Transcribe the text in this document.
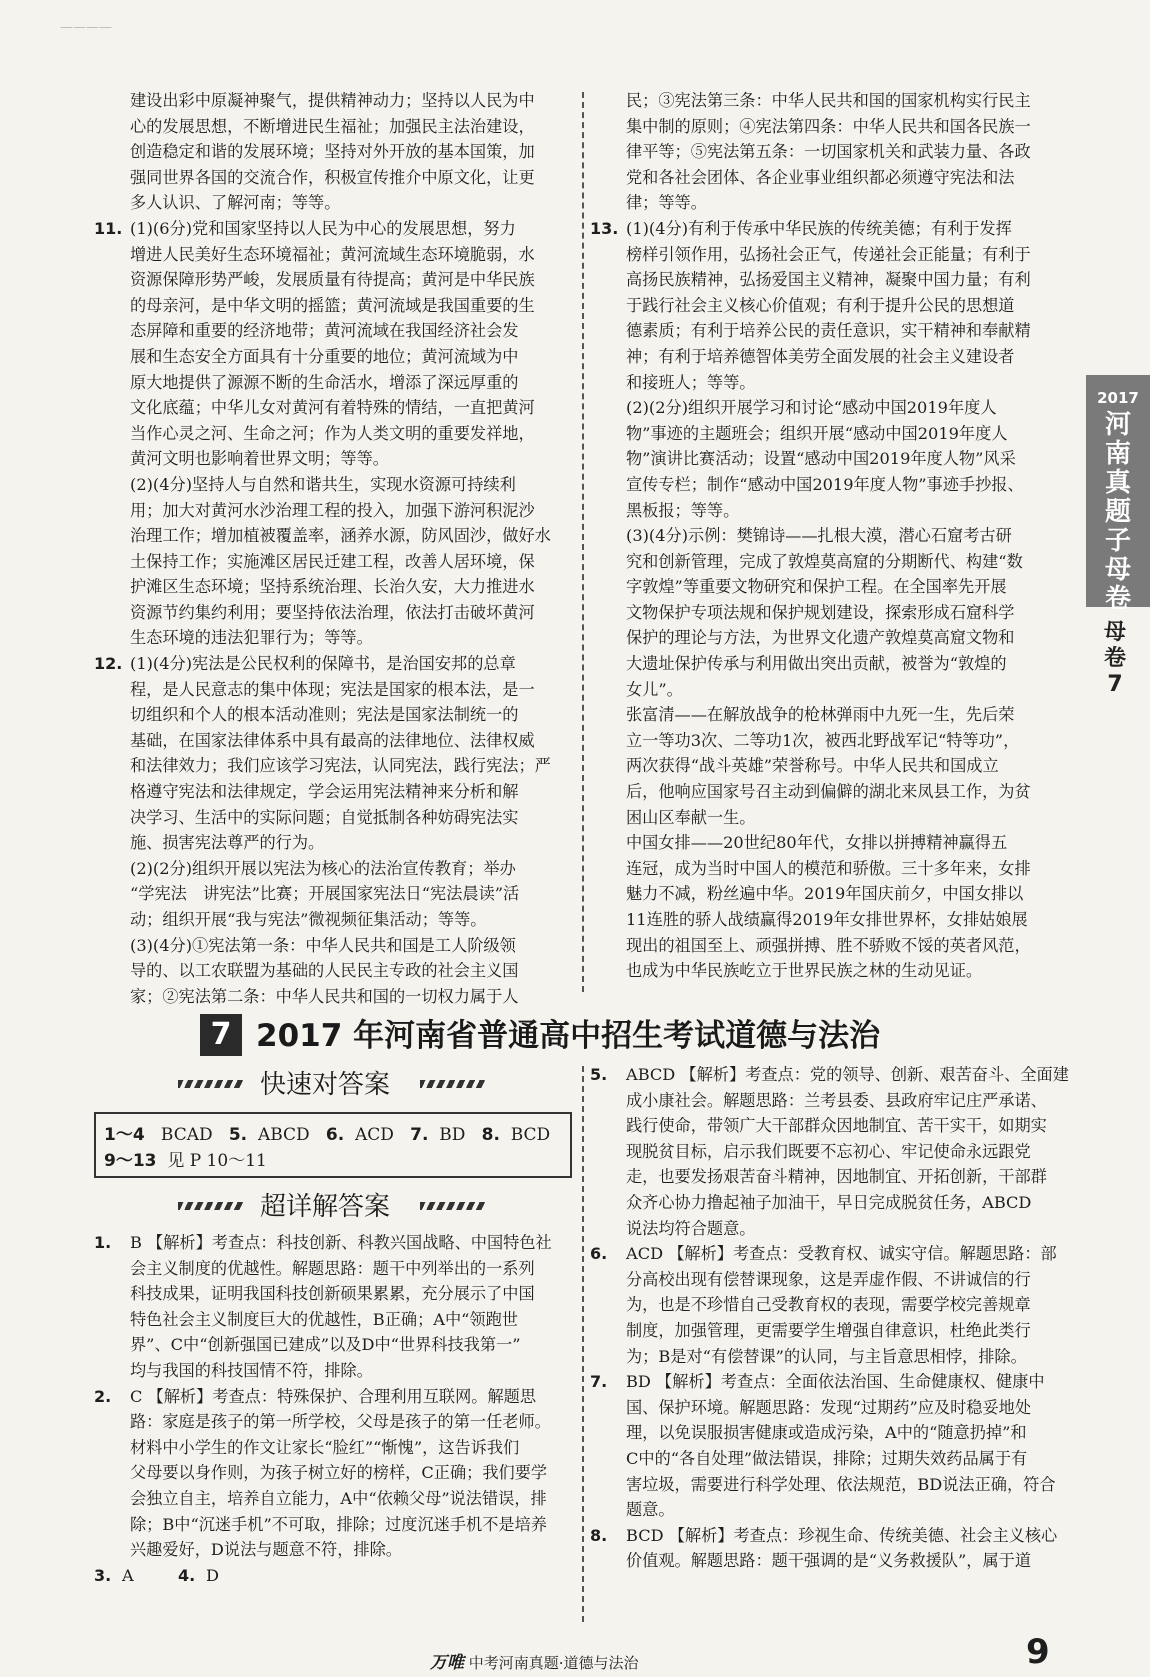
————

建设出彩中原凝神聚气，提供精神动力；坚持以人民为中

心的发展思想，不断增进民生福祉；加强民主法治建设，

创造稳定和谐的发展环境；坚持对外开放的基本国策，加

强同世界各国的交流合作，积极宣传推介中原文化，让更

多人认识、了解河南；等等。

11. (1)(6分)党和国家坚持以人民为中心的发展思想，努力

增进人民美好生态环境福祉；黄河流域生态环境脆弱，水

资源保障形势严峻，发展质量有待提高；黄河是中华民族

的母亲河，是中华文明的摇篮；黄河流域是我国重要的生

态屏障和重要的经济地带；黄河流域在我国经济社会发

展和生态安全方面具有十分重要的地位；黄河流域为中

原大地提供了源源不断的生命活水，增添了深远厚重的

文化底蕴；中华儿女对黄河有着特殊的情结，一直把黄河

当作心灵之河、生命之河；作为人类文明的重要发祥地，

黄河文明也影响着世界文明；等等。

(2)(4分)坚持人与自然和谐共生，实现水资源可持续利

用；加大对黄河水沙治理工程的投入，加强下游河积泥沙

治理工作；增加植被覆盖率，涵养水源，防风固沙，做好水

土保持工作；实施滩区居民迁建工程，改善人居环境，保

护滩区生态环境；坚持系统治理、长治久安，大力推进水

资源节约集约利用；要坚持依法治理，依法打击破坏黄河

生态环境的违法犯罪行为；等等。

12. (1)(4分)宪法是公民权利的保障书，是治国安邦的总章

程，是人民意志的集中体现；宪法是国家的根本法，是一

切组织和个人的根本活动准则；宪法是国家法制统一的

基础，在国家法律体系中具有最高的法律地位、法律权威

和法律效力；我们应该学习宪法，认同宪法，践行宪法；严

格遵守宪法和法律规定，学会运用宪法精神来分析和解

决学习、生活中的实际问题；自觉抵制各种妨碍宪法实

施、损害宪法尊严的行为。

(2)(2分)组织开展以宪法为核心的法治宣传教育；举办

“学宪法　讲宪法”比赛；开展国家宪法日“宪法晨读”活

动；组织开展“我与宪法”微视频征集活动；等等。

(3)(4分)①宪法第一条：中华人民共和国是工人阶级领

导的、以工农联盟为基础的人民民主专政的社会主义国

家；②宪法第二条：中华人民共和国的一切权力属于人

民；③宪法第三条：中华人民共和国的国家机构实行民主

集中制的原则；④宪法第四条：中华人民共和国各民族一

律平等；⑤宪法第五条：一切国家机关和武装力量、各政

党和各社会团体、各企业事业组织都必须遵守宪法和法

律；等等。

13. (1)(4分)有利于传承中华民族的传统美德；有利于发挥

榜样引领作用，弘扬社会正气，传递社会正能量；有利于

高扬民族精神，弘扬爱国主义精神，凝聚中国力量；有利

于践行社会主义核心价值观；有利于提升公民的思想道

德素质；有利于培养公民的责任意识，实干精神和奉献精

神；有利于培养德智体美劳全面发展的社会主义建设者

和接班人；等等。

(2)(2分)组织开展学习和讨论“感动中国2019年度人

物”事迹的主题班会；组织开展“感动中国2019年度人

物”演讲比赛活动；设置“感动中国2019年度人物”风采

宣传专栏；制作“感动中国2019年度人物”事迹手抄报、

黑板报；等等。

(3)(4分)示例：樊锦诗——扎根大漠，潜心石窟考古研

究和创新管理，完成了敦煌莫高窟的分期断代、构建“数

字敦煌”等重要文物研究和保护工程。在全国率先开展

文物保护专项法规和保护规划建设，探索形成石窟科学

保护的理论与方法，为世界文化遗产敦煌莫高窟文物和

大遗址保护传承与利用做出突出贡献，被誉为“敦煌的

女儿”。

张富清——在解放战争的枪林弹雨中九死一生，先后荣

立一等功3次、二等功1次，被西北野战军记“特等功”，

两次获得“战斗英雄”荣誉称号。中华人民共和国成立

后，他响应国家号召主动到偏僻的湖北来凤县工作，为贫

困山区奉献一生。

中国女排——20世纪80年代，女排以拼搏精神赢得五

连冠，成为当时中国人的模范和骄傲。三十多年来，女排

魅力不减，粉丝遍中华。2019年国庆前夕，中国女排以

11连胜的骄人战绩赢得2019年女排世界杯，女排姑娘展

现出的祖国至上、顽强拼搏、胜不骄败不馁的英者风范，

也成为中华民族屹立于世界民族之林的生动见证。

2017
河南真题子母卷
母卷7
7 2017 年河南省普通高中招生考试道德与法治
快速对答案
1～4 BCAD 5. ABCD 6. ACD 7. BD 8. BCD
9～13 见 P 10～11
超详解答案
1. B 【解析】考查点：科技创新、科教兴国战略、中国特色社

会主义制度的优越性。解题思路：题干中列举出的一系列

科技成果，证明我国科技创新硕果累累，充分展示了中国

特色社会主义制度巨大的优越性，B正确；A中“领跑世

界”、C中“创新强国已建成”以及D中“世界科技我第一”

均与我国的科技国情不符，排除。

2. C 【解析】考查点：特殊保护、合理利用互联网。解题思

路：家庭是孩子的第一所学校，父母是孩子的第一任老师。

材料中小学生的作文让家长“脸红”“惭愧”，这告诉我们

父母要以身作则，为孩子树立好的榜样，C正确；我们要学

会独立自主，培养自立能力，A中“依赖父母”说法错误，排

除；B中“沉迷手机”不可取，排除；过度沉迷手机不是培养

兴趣爱好，D说法与题意不符，排除。

3. A	4. D
5. ABCD 【解析】考查点：党的领导、创新、艰苦奋斗、全面建

成小康社会。解题思路：兰考县委、县政府牢记庄严承诺、

践行使命，带领广大干部群众因地制宜、苦干实干，如期实

现脱贫目标，启示我们既要不忘初心、牢记使命永远跟党

走，也要发扬艰苦奋斗精神，因地制宜、开拓创新，干部群

众齐心协力撸起袖子加油干，早日完成脱贫任务，ABCD

说法均符合题意。

6. ACD 【解析】考查点：受教育权、诚实守信。解题思路：部

分高校出现有偿替课现象，这是弄虚作假、不讲诚信的行

为，也是不珍惜自己受教育权的表现，需要学校完善规章

制度，加强管理，更需要学生增强自律意识，杜绝此类行

为；B是对“有偿替课”的认同，与主旨意思相悖，排除。

7. BD 【解析】考查点：全面依法治国、生命健康权、健康中

国、保护环境。解题思路：发现“过期药”应及时稳妥地处

理，以免误服损害健康或造成污染，A中的“随意扔掉”和

C中的“各自处理”做法错误，排除；过期失效药品属于有

害垃圾，需要进行科学处理、依法规范，BD说法正确，符合

题意。

8. BCD 【解析】考查点：珍视生命、传统美德、社会主义核心

价值观。解题思路：题干强调的是“义务救援队”，属于道

万唯 中考河南真题·道德与法治	9
